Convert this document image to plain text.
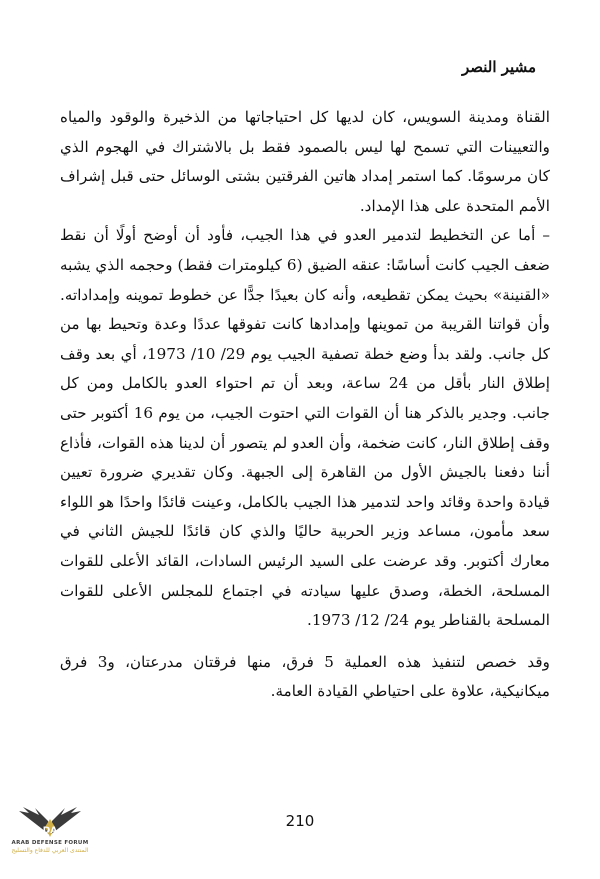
مشير النصر

القناة ومدينة السويس، كان لديها كل احتياجاتها من الذخيرة والوقود والمياه والتعيينات التي تسمح لها ليس بالصمود فقط بل بالاشتراك في الهجوم الذي كان مرسومًا. كما استمر إمداد هاتين الفرقتين بشتى الوسائل حتى قبل إشراف الأمم المتحدة على هذا الإمداد.

– أما عن التخطيط لتدمير العدو في هذا الجيب، فأود أن أوضح أولًا أن نقط ضعف الجيب كانت أساسًا: عنقه الضيق (6 كيلومترات فقط) وحجمه الذي يشبه «القنينة» بحيث يمكن تقطيعه، وأنه كان بعيدًا جدًّا عن خطوط تموينه وإمداداته. وأن قواتنا القريبة من تموينها وإمدادها كانت تفوقها عددًا وعدة وتحيط بها من كل جانب. ولقد بدأ وضع خطة تصفية الجيب يوم 29/ 10/ 1973، أي بعد وقف إطلاق النار بأقل من 24 ساعة، وبعد أن تم احتواء العدو بالكامل ومن كل جانب. وجدير بالذكر هنا أن القوات التي احتوت الجيب، من يوم 16 أكتوبر حتى وقف إطلاق النار، كانت ضخمة، وأن العدو لم يتصور أن لدينا هذه القوات، فأذاع أننا دفعنا بالجيش الأول من القاهرة إلى الجبهة. وكان تقديري ضرورة تعيين قيادة واحدة وقائد واحد لتدمير هذا الجيب بالكامل، وعينت قائدًا واحدًا هو اللواء سعد مأمون، مساعد وزير الحربية حاليًا والذي كان قائدًا للجيش الثاني في معارك أكتوبر. وقد عرضت على السيد الرئيس السادات، القائد الأعلى للقوات المسلحة، الخطة، وصدق عليها سيادته في اجتماع للمجلس الأعلى للقوات المسلحة بالقناطر يوم 24/ 12/ 1973.

وقد خصص لتنفيذ هذه العملية 5 فرق، منها فرقتان مدرعتان، و3 فرق ميكانيكية، علاوة على احتياطي القيادة العامة.

210
DA
ARAB DEFENSE FORUM
المنتدى العربي للدفاع والتسليح
